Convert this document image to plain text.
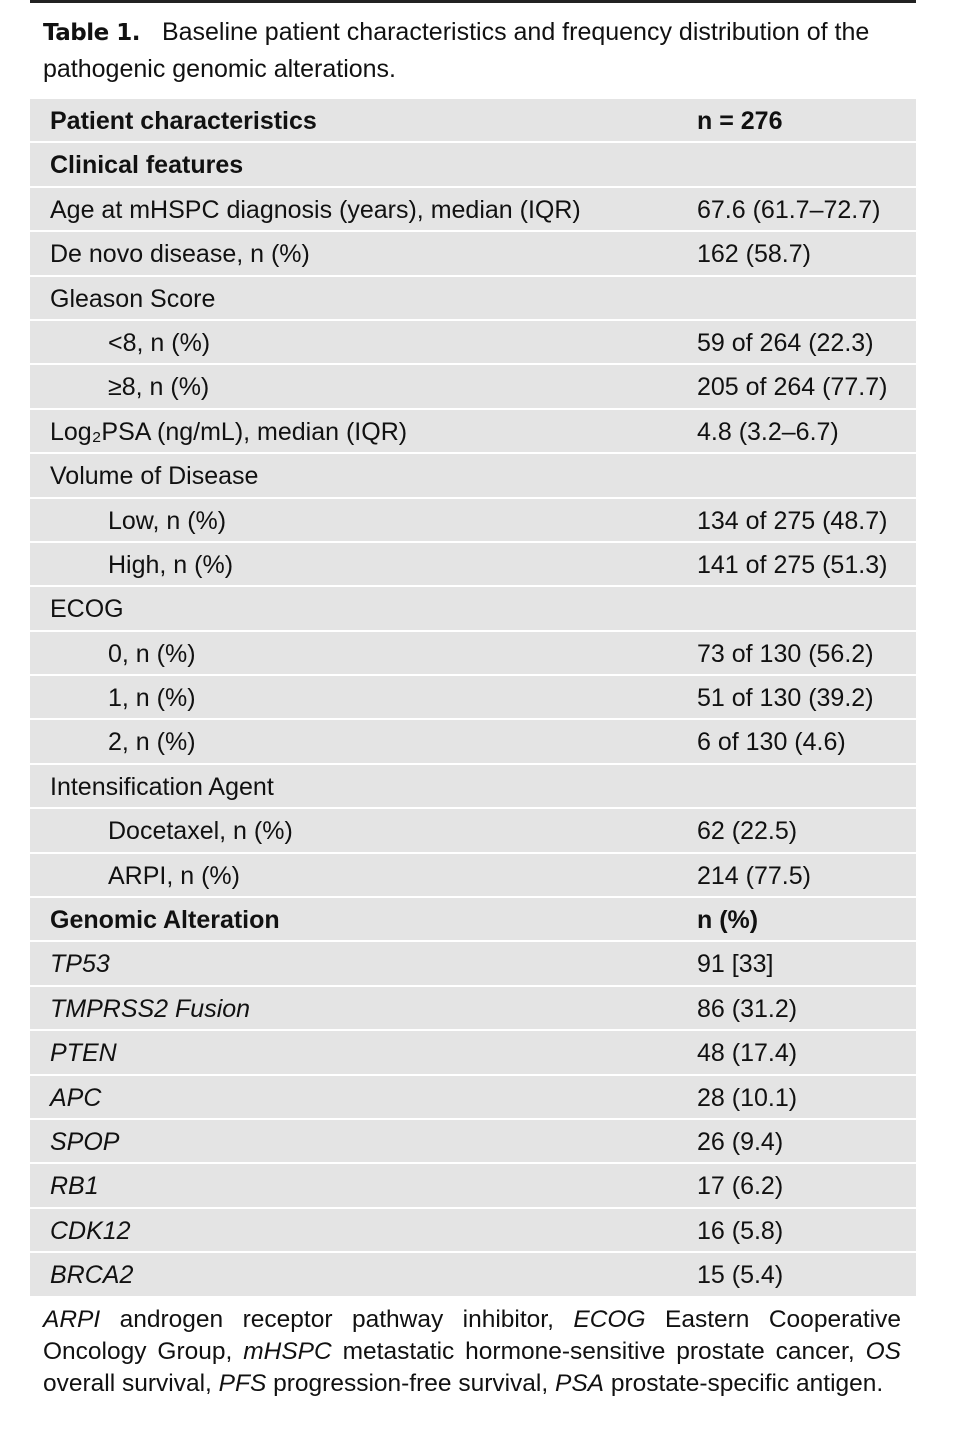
Table 1. Baseline patient characteristics and frequency distribution of the pathogenic genomic alterations.
Patient characteristics	n = 276
Clinical features
Age at mHSPC diagnosis (years), median (IQR)	67.6 (61.7–72.7)
De novo disease, n (%)	162 (58.7)
Gleason Score
<8, n (%)	59 of 264 (22.3)
≥8, n (%)	205 of 264 (77.7)
Log₂PSA (ng/mL), median (IQR)	4.8 (3.2–6.7)
Volume of Disease
Low, n (%)	134 of 275 (48.7)
High, n (%)	141 of 275 (51.3)
ECOG
0, n (%)	73 of 130 (56.2)
1, n (%)	51 of 130 (39.2)
2, n (%)	6 of 130 (4.6)
Intensification Agent
Docetaxel, n (%)	62 (22.5)
ARPI, n (%)	214 (77.5)
Genomic Alteration	n (%)
TP53	91 [33]
TMPRSS2 Fusion	86 (31.2)
PTEN	48 (17.4)
APC	28 (10.1)
SPOP	26 (9.4)
RB1	17 (6.2)
CDK12	16 (5.8)
BRCA2	15 (5.4)
ARPI androgen receptor pathway inhibitor, ECOG Eastern Cooperative Oncology Group, mHSPC metastatic hormone-sensitive prostate cancer, OS overall survival, PFS progression-free survival, PSA prostate-specific antigen.
